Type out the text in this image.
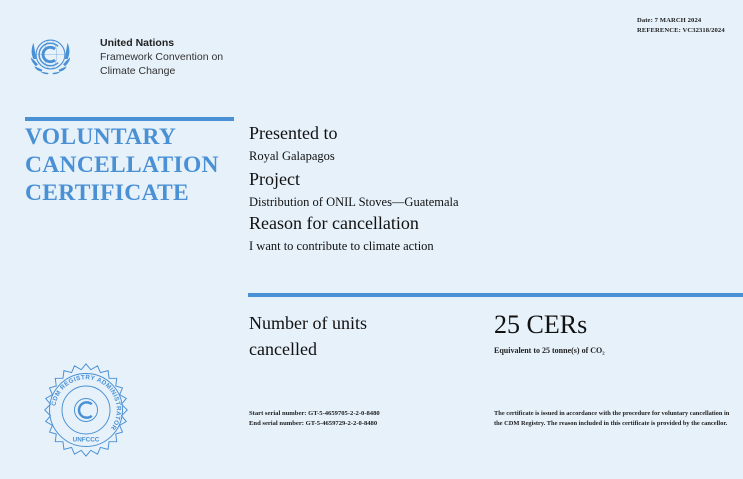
Date: 7 MARCH 2024
REFERENCE: VC32318/2024
United Nations
Framework Convention on
Climate Change
VOLUNTARY
CANCELLATION
CERTIFICATE
Presented to
Royal Galapagos
Project
Distribution of ONIL Stoves—Guatemala
Reason for cancellation
I want to contribute to climate action
Number of units
cancelled
25 CERs
Equivalent to 25 tonne(s) of CO₂
CDM REGISTRY ADMINISTRATOR
UNFCCC
Start serial number: GT-5-4659705-2-2-0-8480
End serial number: GT-5-4659729-2-2-0-8480
The certificate is issued in accordance with the procedure for voluntary cancellation in the CDM Registry. The reason included in this certificate is provided by the cancellor.
